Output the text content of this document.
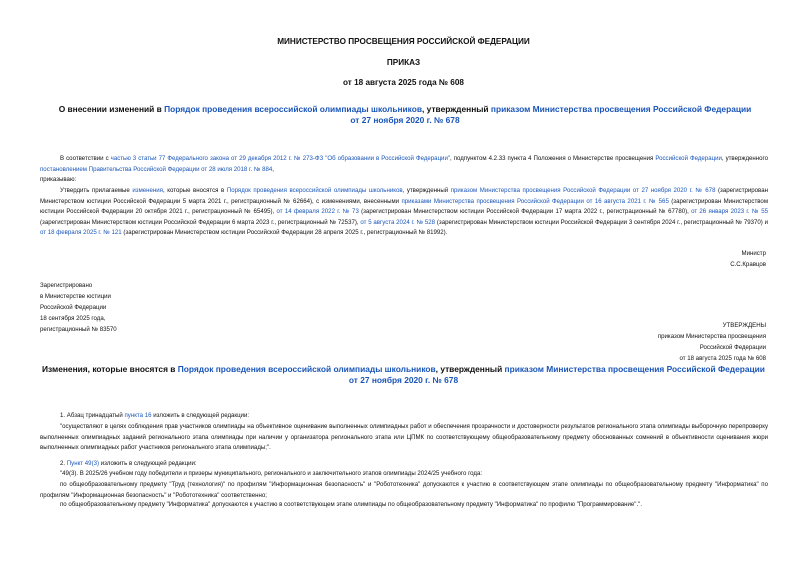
МИНИСТЕРСТВО ПРОСВЕЩЕНИЯ РОССИЙСКОЙ ФЕДЕРАЦИИ
ПРИКАЗ
от 18 августа 2025 года № 608
О внесении изменений в Порядок проведения всероссийской олимпиады школьников, утвержденный приказом Министерства просвещения Российской Федерации от 27 ноября 2020 г. № 678
В соответствии с частью 3 статьи 77 Федерального закона от 29 декабря 2012 г. № 273-ФЗ "Об образовании в Российской Федерации", подпунктом 4.2.33 пункта 4 Положения о Министерстве просвещения Российской Федерации, утвержденного постановлением Правительства Российской Федерации от 28 июля 2018 г. № 884,
приказываю:
Утвердить прилагаемые изменения, которые вносятся в Порядок проведения всероссийской олимпиады школьников, утвержденный приказом Министерства просвещения Российской Федерации от 27 ноября 2020 г. № 678 (зарегистрирован Министерством юстиции Российской Федерации 5 марта 2021 г., регистрационный № 62664), с изменениями, внесенными приказами Министерства просвещения Российской Федерации от 16 августа 2021 г. № 565 (зарегистрирован Министерством юстиции Российской Федерации 20 октября 2021 г., регистрационный № 65495), от 14 февраля 2022 г. № 73 (зарегистрирован Министерством юстиции Российской Федерации 17 марта 2022 г., регистрационный № 67780), от 26 января 2023 г. № 55 (зарегистрирован Министерством юстиции Российской Федерации 6 марта 2023 г., регистрационный № 72537), от 5 августа 2024 г. № 528 (зарегистрирован Министерством юстиции Российской Федерации 3 сентября 2024 г., регистрационный № 79370) и от 18 февраля 2025 г. № 121 (зарегистрирован Министерством юстиции Российской Федерации 28 апреля 2025 г., регистрационный № 81992).
Министр
С.С.Кравцов
Зарегистрировано
в Министерстве юстиции
Российской Федерации
18 сентября 2025 года,
регистрационный № 83570
УТВЕРЖДЕНЫ
приказом Министерства просвещения
Российской Федерации
от 18 августа 2025 года № 608
Изменения, которые вносятся в Порядок проведения всероссийской олимпиады школьников, утвержденный приказом Министерства просвещения Российской Федерации от 27 ноября 2020 г. № 678
1. Абзац тринадцатый пункта 16 изложить в следующей редакции:
"осуществляют в целях соблюдения прав участников олимпиады на объективное оценивание выполненных олимпиадных работ и обеспечения прозрачности и достоверности результатов регионального этапа олимпиады выборочную перепроверку выполненных олимпиадных заданий регионального этапа олимпиады при наличии у организатора регионального этапа или ЦПМК по соответствующему общеобразовательному предмету обоснованных сомнений в объективности оценивания жюри выполненных олимпиадных работ участников регионального этапа олимпиады;".
2. Пункт 49(3) изложить в следующей редакции:
"49(3). В 2025/26 учебном году победители и призеры муниципального, регионального и заключительного этапов олимпиады 2024/25 учебного года:
по общеобразовательному предмету "Труд (технология)" по профилям "Информационная безопасность" и "Робототехника" допускаются к участию в соответствующем этапе олимпиады по общеобразовательному предмету "Информатика" по профилям "Информационная безопасность" и "Робототехника" соответственно;
по общеобразовательному предмету "Информатика" допускаются к участию в соответствующем этапе олимпиады по общеобразовательному предмету "Информатика" по профилю "Программирование".".
